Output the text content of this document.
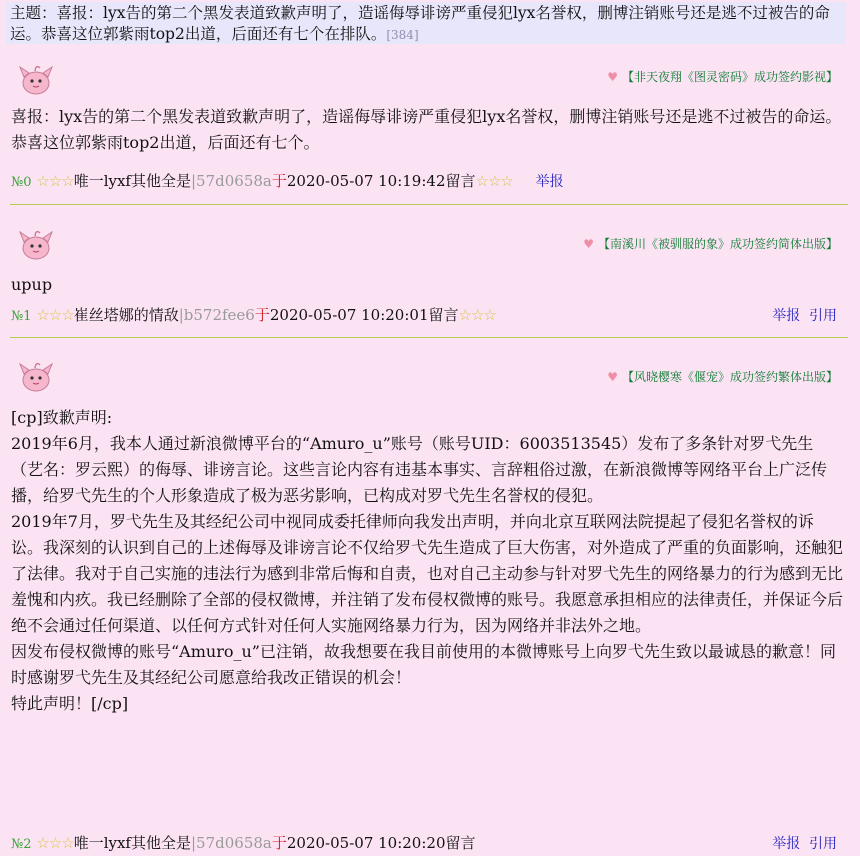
主题：喜报：lyx告的第二个黑发表道致歉声明了，造谣侮辱诽谤严重侵犯lyx名誉权，删博注销账号还是逃不过被告的命运。恭喜这位郭紫雨top2出道，后面还有七个在排队。[384]
♥ 【非天夜翔《图灵密码》成功签约影视】

喜报：lyx告的第二个黑发表道致歉声明了，造谣侮辱诽谤严重侵犯lyx名誉权，删博注销账号还是逃不过被告的命运。恭喜这位郭紫雨top2出道，后面还有七个。

№0 ☆☆☆唯一lyxf其他全是|57d0658a于2020-05-07 10:19:42留言☆☆☆ 举报
♥ 【南溪川《被驯服的象》成功签约简体出版】

upup

№1 ☆☆☆崔丝塔娜的情敌|b572fee6于2020-05-07 10:20:01留言☆☆☆	举报 引用
♥ 【风晓樱寒《偃宠》成功签约繁体出版】

[cp]致歉声明:

2019年6月，我本人通过新浪微博平台的“Amuro_u”账号（账号UID：6003513545）发布了多条针对罗弋先生（艺名：罗云熙）的侮辱、诽谤言论。这些言论内容有违基本事实、言辞粗俗过激，在新浪微博等网络平台上广泛传播，给罗弋先生的个人形象造成了极为恶劣影响，已构成对罗弋先生名誉权的侵犯。

2019年7月，罗弋先生及其经纪公司中视同成委托律师向我发出声明，并向北京互联网法院提起了侵犯名誉权的诉讼。我深刻的认识到自己的上述侮辱及诽谤言论不仅给罗弋先生造成了巨大伤害，对外造成了严重的负面影响，还触犯了法律。我对于自己实施的违法行为感到非常后悔和自责，也对自己主动参与针对罗弋先生的网络暴力的行为感到无比羞愧和内疚。我已经删除了全部的侵权微博，并注销了发布侵权微博的账号。我愿意承担相应的法律责任，并保证今后绝不会通过任何渠道、以任何方式针对任何人实施网络暴力行为，因为网络并非法外之地。

因发布侵权微博的账号“Amuro_u”已注销，故我想要在我目前使用的本微博账号上向罗弋先生致以最诚恳的歉意！同时感谢罗弋先生及其经纪公司愿意给我改正错误的机会！

特此声明！[/cp]

№2 ☆☆☆唯一lyxf其他全是|57d0658a于2020-05-07 10:20:20留言	举报 引用
